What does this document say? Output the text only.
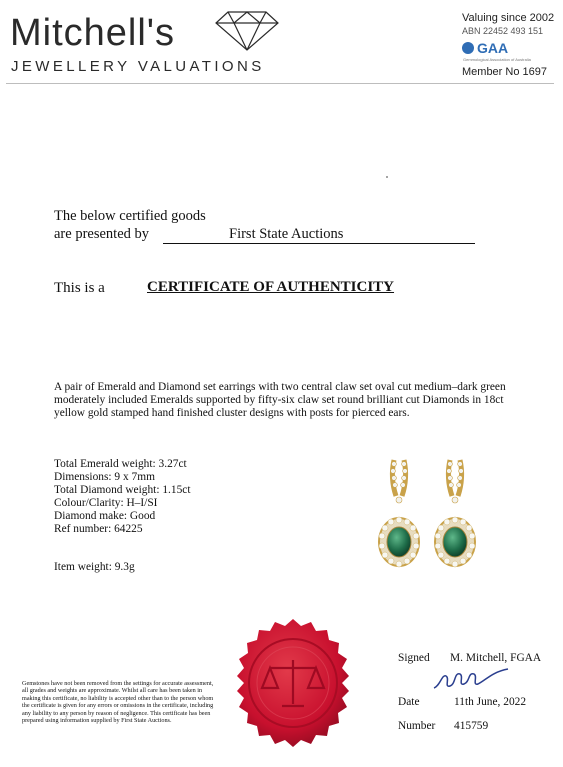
Mitchell's
JEWELLERY VALUATIONS
Valuing since 2002
ABN 22452 493 151
GAA
Gemmological Association of Australia
Member No 1697
The below certified goods
are presented by	First State Auctions
This is a	CERTIFICATE OF AUTHENTICITY
A pair of Emerald and Diamond set earrings with two central claw set oval cut medium–dark green moderately included Emeralds supported by fifty-six claw set round brilliant cut Diamonds in 18ct yellow gold stamped hand finished cluster designs with posts for pierced ears.
Total Emerald weight: 3.27ct
Dimensions: 9 x 7mm
Total Diamond weight: 1.15ct
Colour/Clarity: H–I/SI
Diamond make: Good
Ref number: 64225
Item weight: 9.3g
Gemstones have not been removed from the settings for accurate assessment, all grades and weights are approximate. Whilst all care has been taken in making this certificate, no liability is accepted other than to the person whom the certificate is given for any errors or omissions in the certificate, including any liability to any person by reason of negligence. This certificate has been prepared using information supplied by First State Auctions.
Signed M. Mitchell, FGAA
Date	11th June, 2022
Number 415759
